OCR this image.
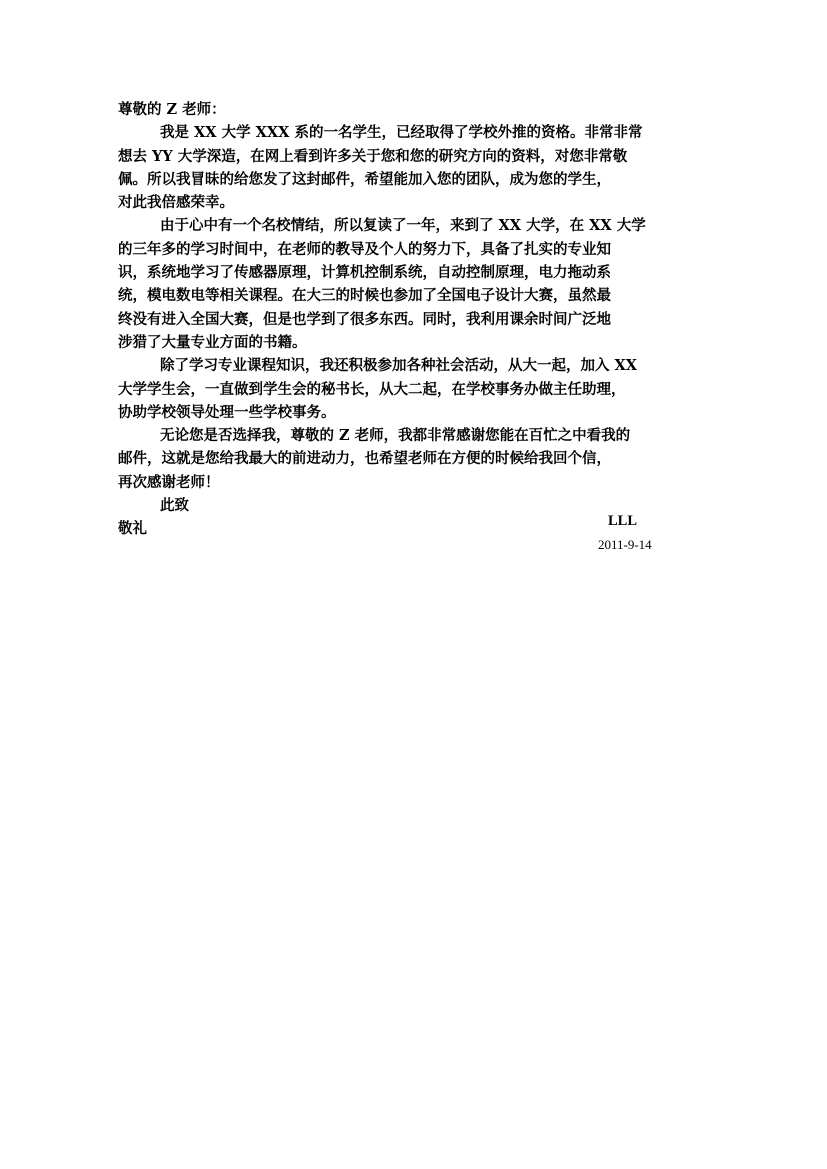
尊敬的 Z 老师：
我是 XX 大学 XXX 系的一名学生，已经取得了学校外推的资格。非常非常
想去 YY 大学深造，在网上看到许多关于您和您的研究方向的资料，对您非常敬
佩。所以我冒昧的给您发了这封邮件，希望能加入您的团队，成为您的学生，
对此我倍感荣幸。
由于心中有一个名校情结，所以复读了一年，来到了 XX 大学，在 XX 大学
的三年多的学习时间中，在老师的教导及个人的努力下，具备了扎实的专业知
识，系统地学习了传感器原理，计算机控制系统，自动控制原理，电力拖动系
统，模电数电等相关课程。在大三的时候也参加了全国电子设计大赛，虽然最
终没有进入全国大赛，但是也学到了很多东西。同时，我利用课余时间广泛地
涉猎了大量专业方面的书籍。
除了学习专业课程知识，我还积极参加各种社会活动，从大一起，加入 XX
大学学生会，一直做到学生会的秘书长，从大二起，在学校事务办做主任助理，
协助学校领导处理一些学校事务。
无论您是否选择我，尊敬的 Z 老师，我都非常感谢您能在百忙之中看我的
邮件，这就是您给我最大的前进动力，也希望老师在方便的时候给我回个信，
再次感谢老师！
此致
敬礼	LLL
2011-9-14
